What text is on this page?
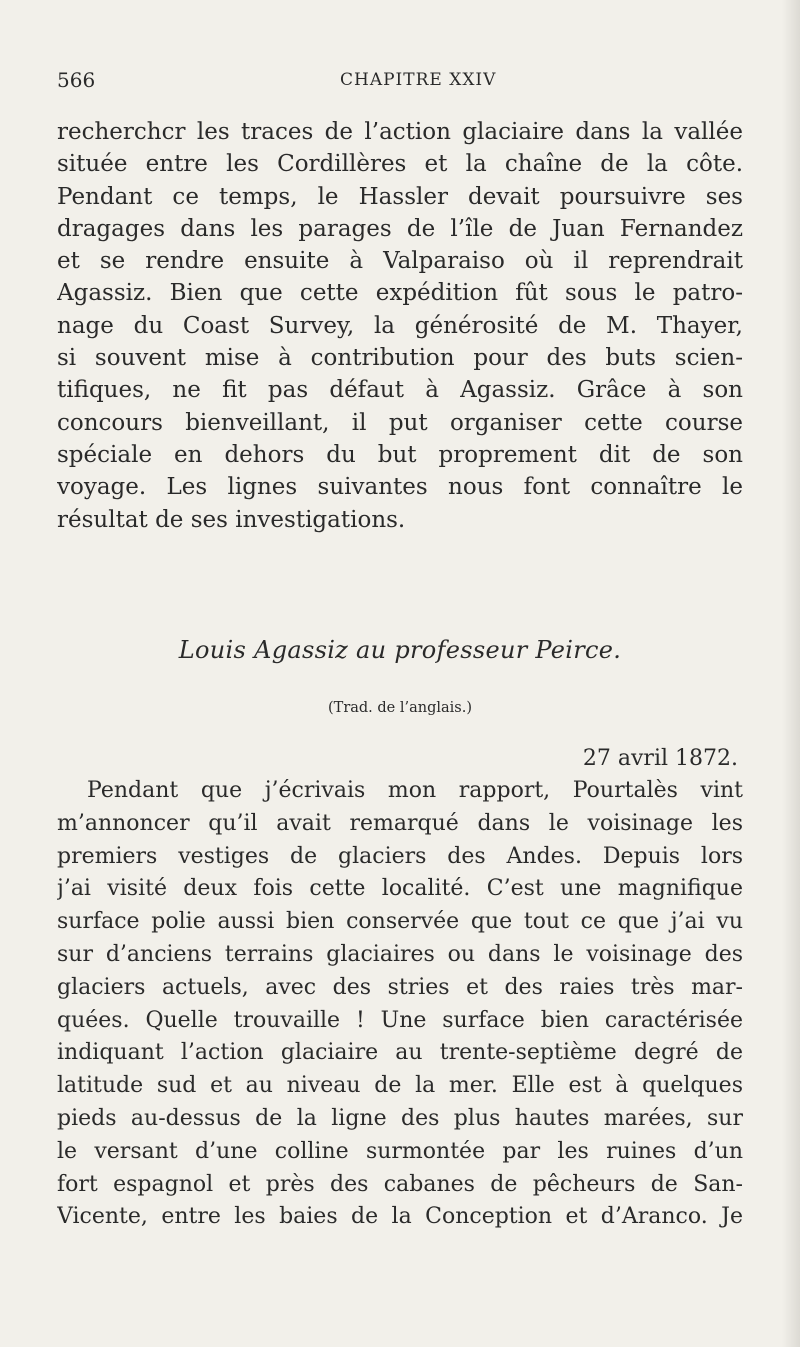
566	CHAPITRE XXIV
recherchcr les traces de l’action glaciaire dans la vallée
située entre les Cordillères et la chaîne de la côte.
Pendant ce temps, le Hassler devait poursuivre ses
dragages dans les parages de l’île de Juan Fernandez
et se rendre ensuite à Valparaiso où il reprendrait
Agassiz. Bien que cette expédition fût sous le patro-
nage du Coast Survey, la générosité de M. Thayer,
si souvent mise à contribution pour des buts scien-
tifiques, ne fit pas défaut à Agassiz. Grâce à son
concours bienveillant, il put organiser cette course
spéciale en dehors du but proprement dit de son
voyage. Les lignes suivantes nous font connaître le
résultat de ses investigations.
Louis Agassiz au professeur Peirce.
(Trad. de l’anglais.)
27 avril 1872.
Pendant que j’écrivais mon rapport, Pourtalès vint
m’annoncer qu’il avait remarqué dans le voisinage les
premiers vestiges de glaciers des Andes. Depuis lors
j’ai visité deux fois cette localité. C’est une magnifique
surface polie aussi bien conservée que tout ce que j’ai vu
sur d’anciens terrains glaciaires ou dans le voisinage des
glaciers actuels, avec des stries et des raies très mar-
quées. Quelle trouvaille ! Une surface bien caractérisée
indiquant l’action glaciaire au trente-septième degré de
latitude sud et au niveau de la mer. Elle est à quelques
pieds au-dessus de la ligne des plus hautes marées, sur
le versant d’une colline surmontée par les ruines d’un
fort espagnol et près des cabanes de pêcheurs de San-
Vicente, entre les baies de la Conception et d’Aranco. Je
